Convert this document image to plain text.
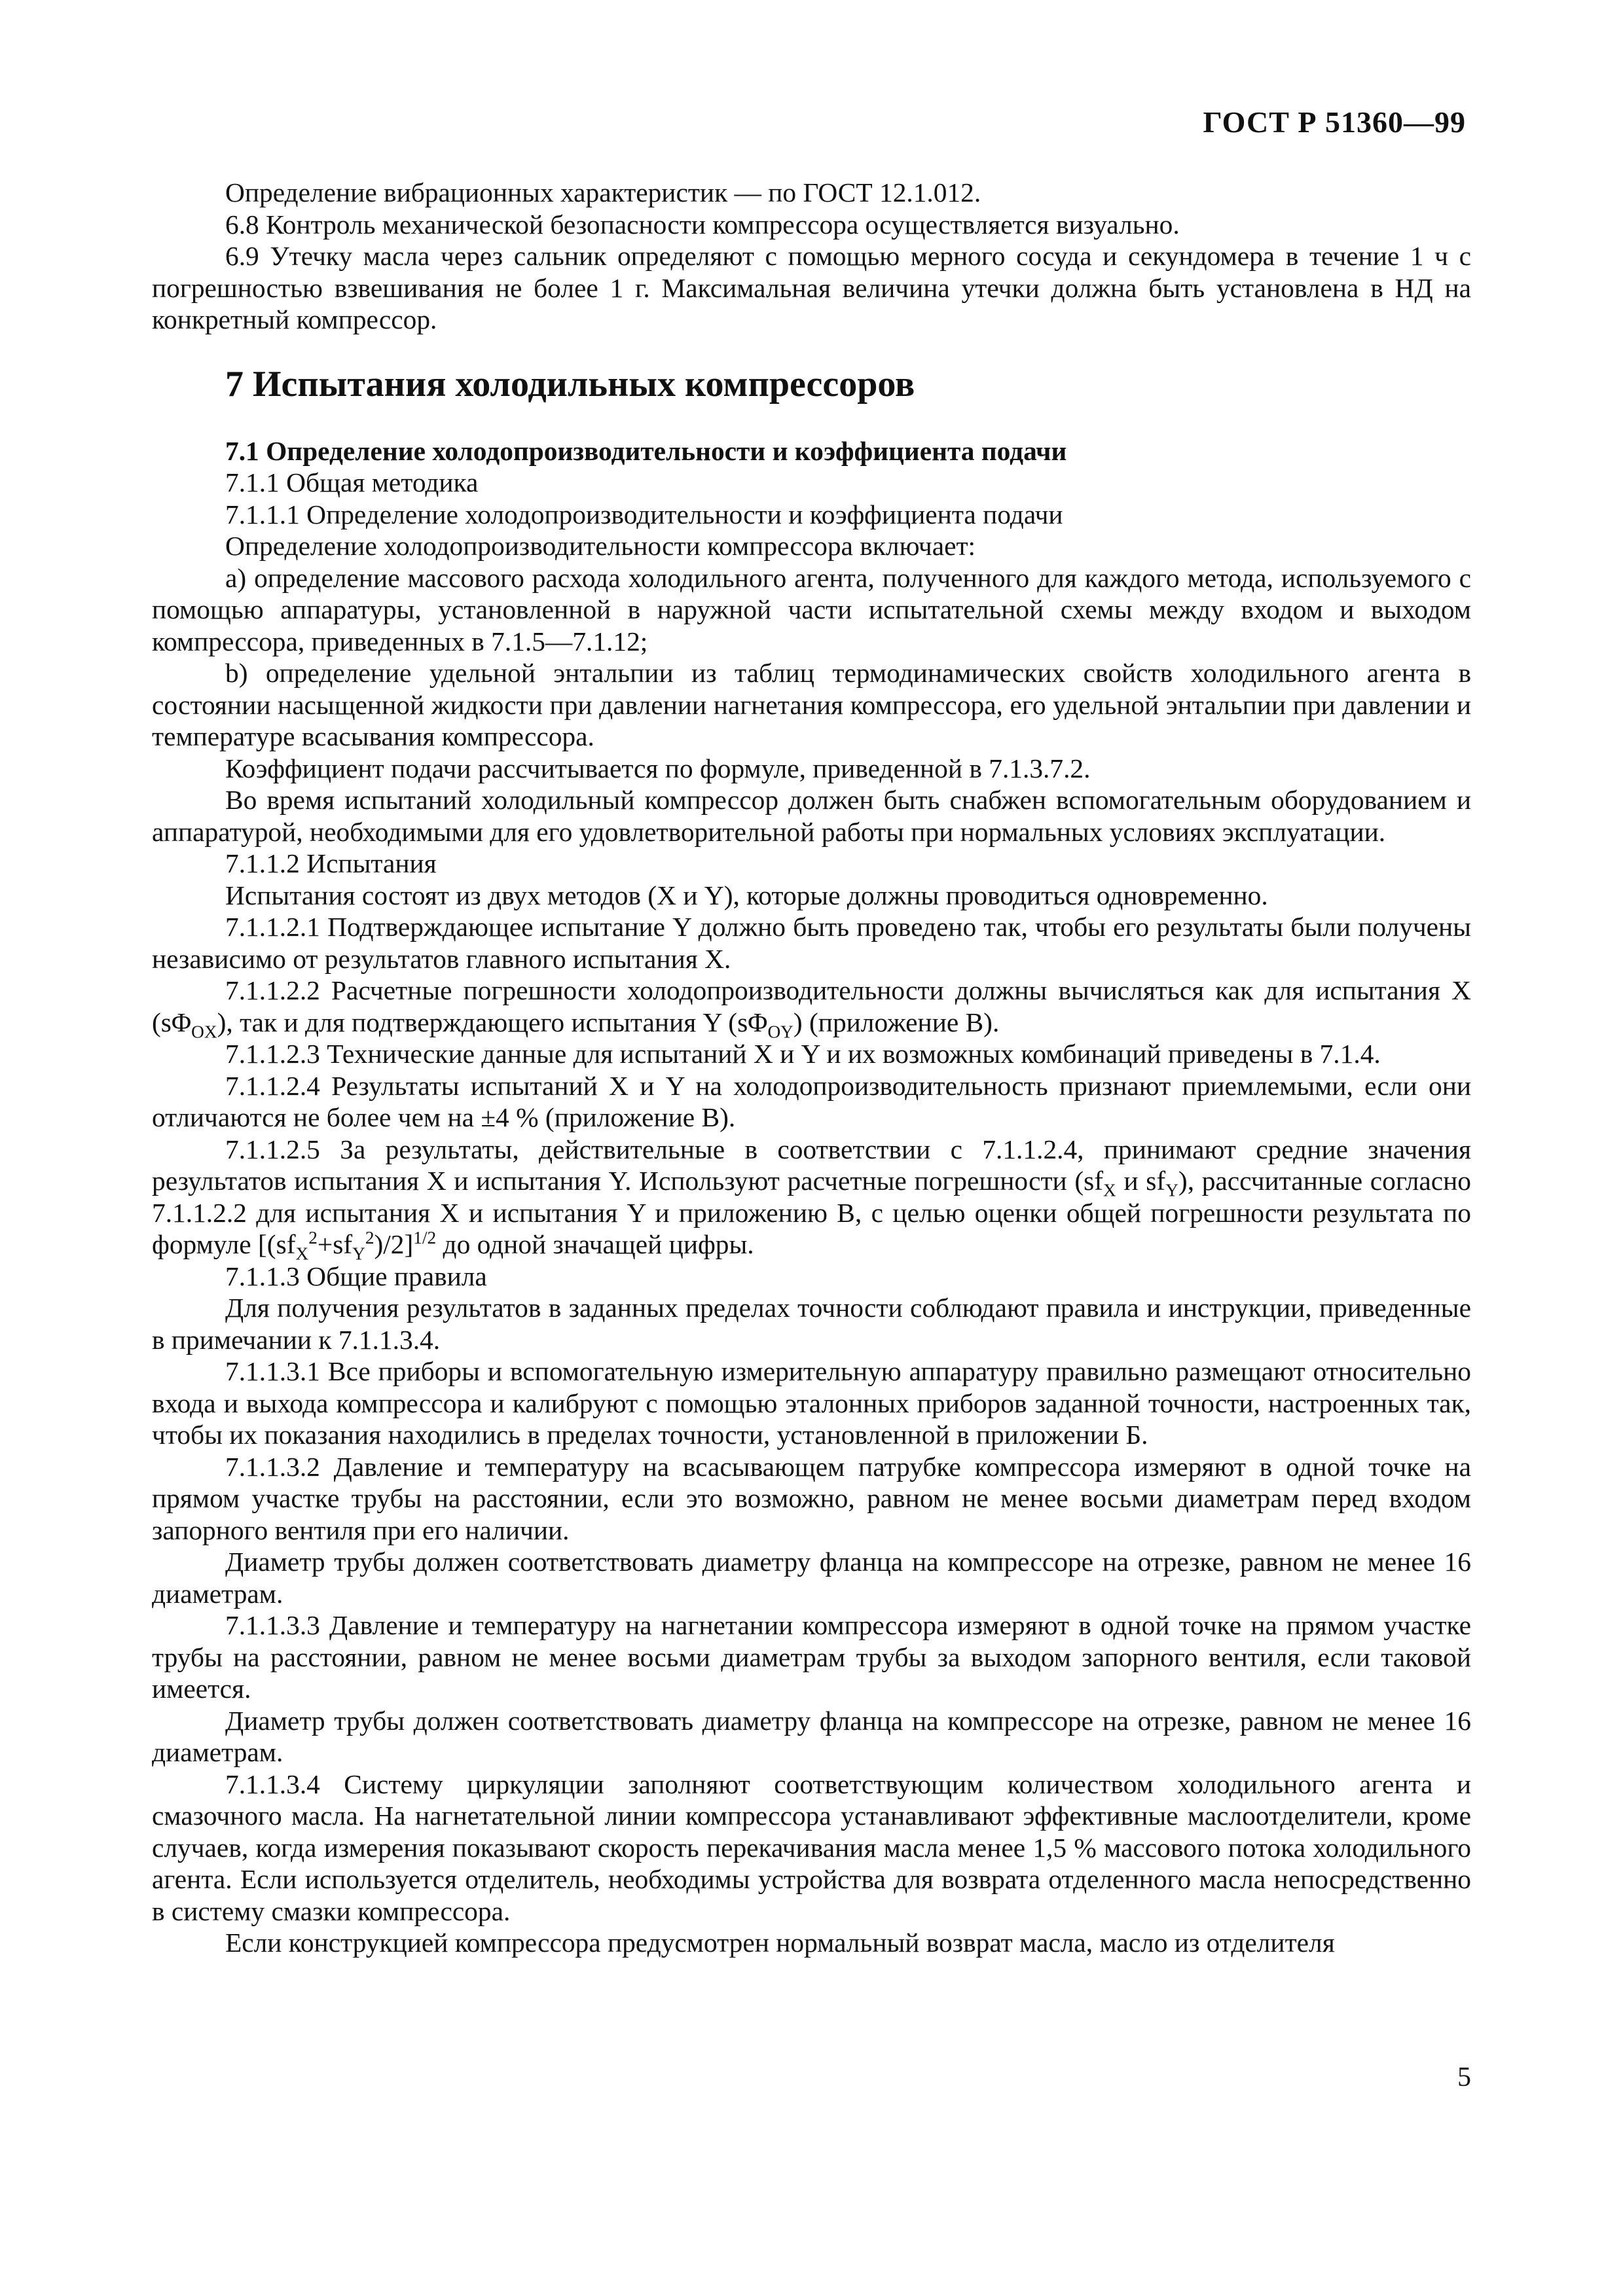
ГОСТ Р 51360—99

Определение вибрационных характеристик — по ГОСТ 12.1.012.

6.8 Контроль механической безопасности компрессора осуществляется визуально.

6.9 Утечку масла через сальник определяют с помощью мерного сосуда и секундомера в течение 1 ч с погрешностью взвешивания не более 1 г. Максимальная величина утечки должна быть установлена в НД на конкретный компрессор.

7 Испытания холодильных компрессоров
7.1 Определение холодопроизводительности и коэффициента подачи

7.1.1 Общая методика

7.1.1.1 Определение холодопроизводительности и коэффициента подачи

Определение холодопроизводительности компрессора включает:

а) определение массового расхода холодильного агента, полученного для каждого метода, используемого с помощью аппаратуры, установленной в наружной части испытательной схемы между входом и выходом компрессора, приведенных в 7.1.5—7.1.12;

b) определение удельной энтальпии из таблиц термодинамических свойств холодильного агента в состоянии насыщенной жидкости при давлении нагнетания компрессора, его удельной энтальпии при давлении и температуре всасывания компрессора.

Коэффициент подачи рассчитывается по формуле, приведенной в 7.1.3.7.2.

Во время испытаний холодильный компрессор должен быть снабжен вспомогательным оборудованием и аппаратурой, необходимыми для его удовлетворительной работы при нормальных условиях эксплуатации.

7.1.1.2 Испытания

Испытания состоят из двух методов (X и Y), которые должны проводиться одновременно.

7.1.1.2.1 Подтверждающее испытание Y должно быть проведено так, чтобы его результаты были получены независимо от результатов главного испытания X.

7.1.1.2.2 Расчетные погрешности холодопроизводительности должны вычисляться как для испытания X $(s\Phi_{OX})$, так и для подтверждающего испытания Y $(s\Phi_{OY})$ (приложение В).

7.1.1.2.3 Технические данные для испытаний X и Y и их возможных комбинаций приведены в 7.1.4.

7.1.1.2.4 Результаты испытаний X и Y на холодопроизводительность признают приемлемыми, если они отличаются не более чем на ±4 % (приложение В).

7.1.1.2.5 За результаты, действительные в соответствии с 7.1.1.2.4, принимают средние значения результатов испытания X и испытания Y. Используют расчетные погрешности ($sf_X$ и $sf_Y$), рассчитанные согласно 7.1.1.2.2 для испытания X и испытания Y и приложению В, с целью оценки общей погрешности результата по формуле $[(sf_X^2+sf_Y^2)/2]^{1/2}$ до одной значащей цифры.

7.1.1.3 Общие правила

Для получения результатов в заданных пределах точности соблюдают правила и инструкции, приведенные в примечании к 7.1.1.3.4.

7.1.1.3.1 Все приборы и вспомогательную измерительную аппаратуру правильно размещают относительно входа и выхода компрессора и калибруют с помощью эталонных приборов заданной точности, настроенных так, чтобы их показания находились в пределах точности, установленной в приложении Б.

7.1.1.3.2 Давление и температуру на всасывающем патрубке компрессора измеряют в одной точке на прямом участке трубы на расстоянии, если это возможно, равном не менее восьми диаметрам перед входом запорного вентиля при его наличии.

Диаметр трубы должен соответствовать диаметру фланца на компрессоре на отрезке, равном не менее 16 диаметрам.

7.1.1.3.3 Давление и температуру на нагнетании компрессора измеряют в одной точке на прямом участке трубы на расстоянии, равном не менее восьми диаметрам трубы за выходом запорного вентиля, если таковой имеется.

Диаметр трубы должен соответствовать диаметру фланца на компрессоре на отрезке, равном не менее 16 диаметрам.

7.1.1.3.4 Систему циркуляции заполняют соответствующим количеством холодильного агента и смазочного масла. На нагнетательной линии компрессора устанавливают эффективные маслоотделители, кроме случаев, когда измерения показывают скорость перекачивания масла менее 1,5 % массового потока холодильного агента. Если используется отделитель, необходимы устройства для возврата отделенного масла непосредственно в систему смазки компрессора.

Если конструкцией компрессора предусмотрен нормальный возврат масла, масло из отделителя

5
